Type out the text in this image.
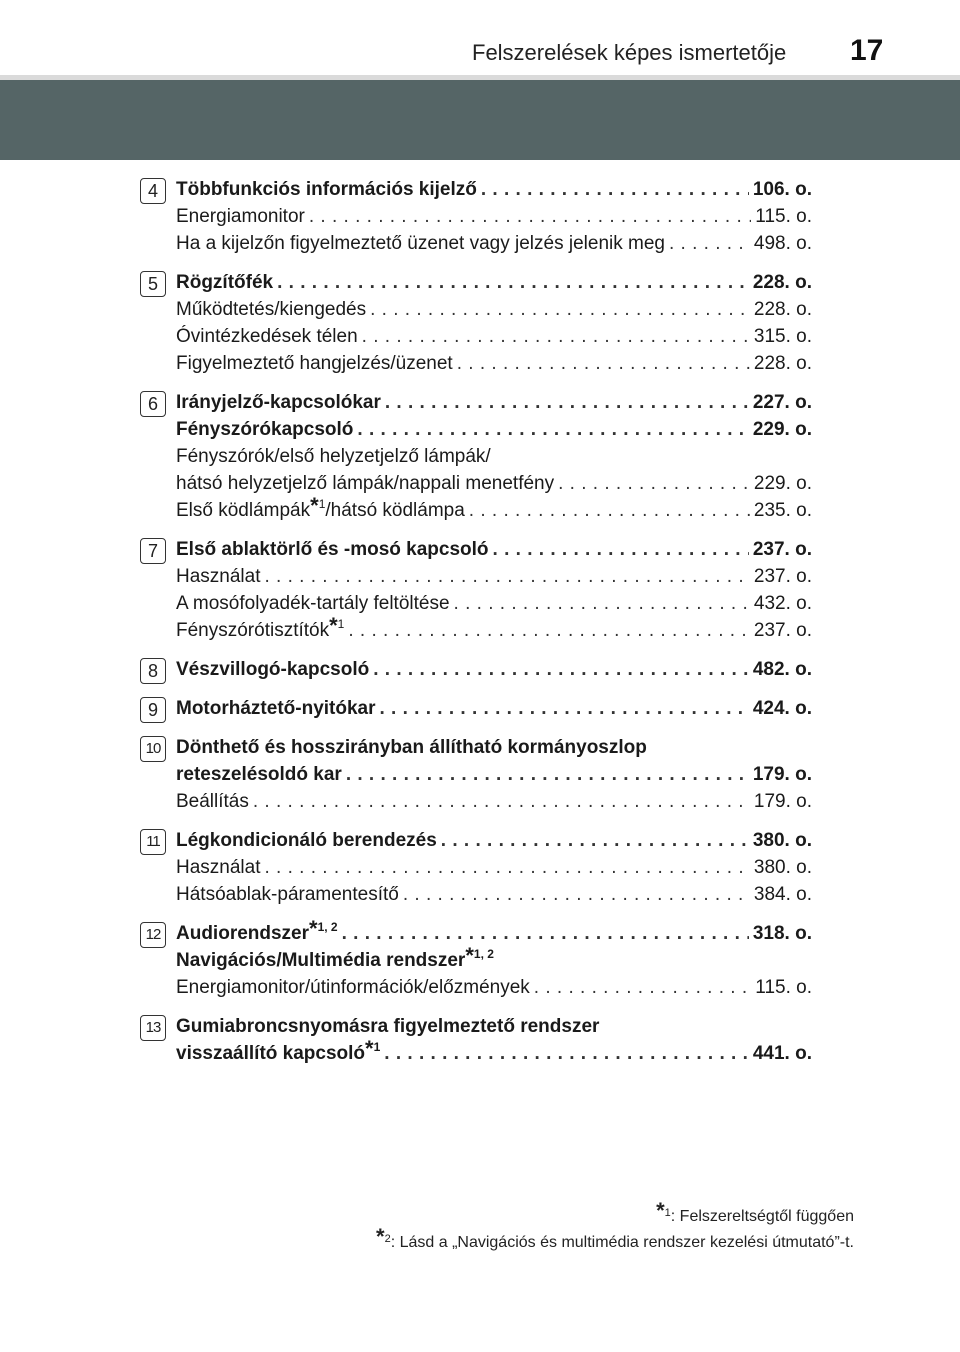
Felszerelések képes ismertetője 17
4 Többfunkciós információs kijelző . . .	106. o.
Energiamonitor . . .	115. o.
Ha a kijelzőn figyelmeztető üzenet vagy jelzés jelenik meg . . .	498. o.
5 Rögzítőfék . . .	228. o.
Működtetés/kiengedés . . .	228. o.
Óvintézkedések télen . . .	315. o.
Figyelmeztető hangjelzés/üzenet . . .	228. o.
6 Irányjelző-kapcsolókar . . .	227. o.
Fényszórókapcsoló . . .	229. o.
Fényszórók/első helyzetjelző lámpák/
hátsó helyzetjelző lámpák/nappali menetfény . . .	229. o.
Első ködlámpák*$^1$/hátsó ködlámpa . . .	235. o.
7 Első ablaktörlő és -mosó kapcsoló . . .	237. o.
Használat . . .	237. o.
A mosófolyadék-tartály feltöltése . . .	432. o.
Fényszórótisztítók*$^1$ . . .	237. o.
8 Vészvillogó-kapcsoló . . .	482. o.
9 Motorháztető-nyitókar . . .	424. o.
10 Dönthető és hosszirányban állítható kormányoszlop
reteszelésoldó kar . . .	179. o.
Beállítás . . .	179. o.
11 Légkondicionáló berendezés . . .	380. o.
Használat . . .	380. o.
Hátsóablak-páramentesítő . . .	384. o.
12 Audiorendszer*$^{1, 2}$ . . .	318. o.
Navigációs/Multimédia rendszer*$^{1, 2}$
Energiamonitor/útinformációk/előzmények . . .	115. o.
13 Gumiabroncsnyomásra figyelmeztető rendszer
visszaállító kapcsoló*$^1$ . . .	441. o.
*$^1$: Felszereltségtől függően
*$^2$: Lásd a „Navigációs és multimédia rendszer kezelési útmutató”-t.
